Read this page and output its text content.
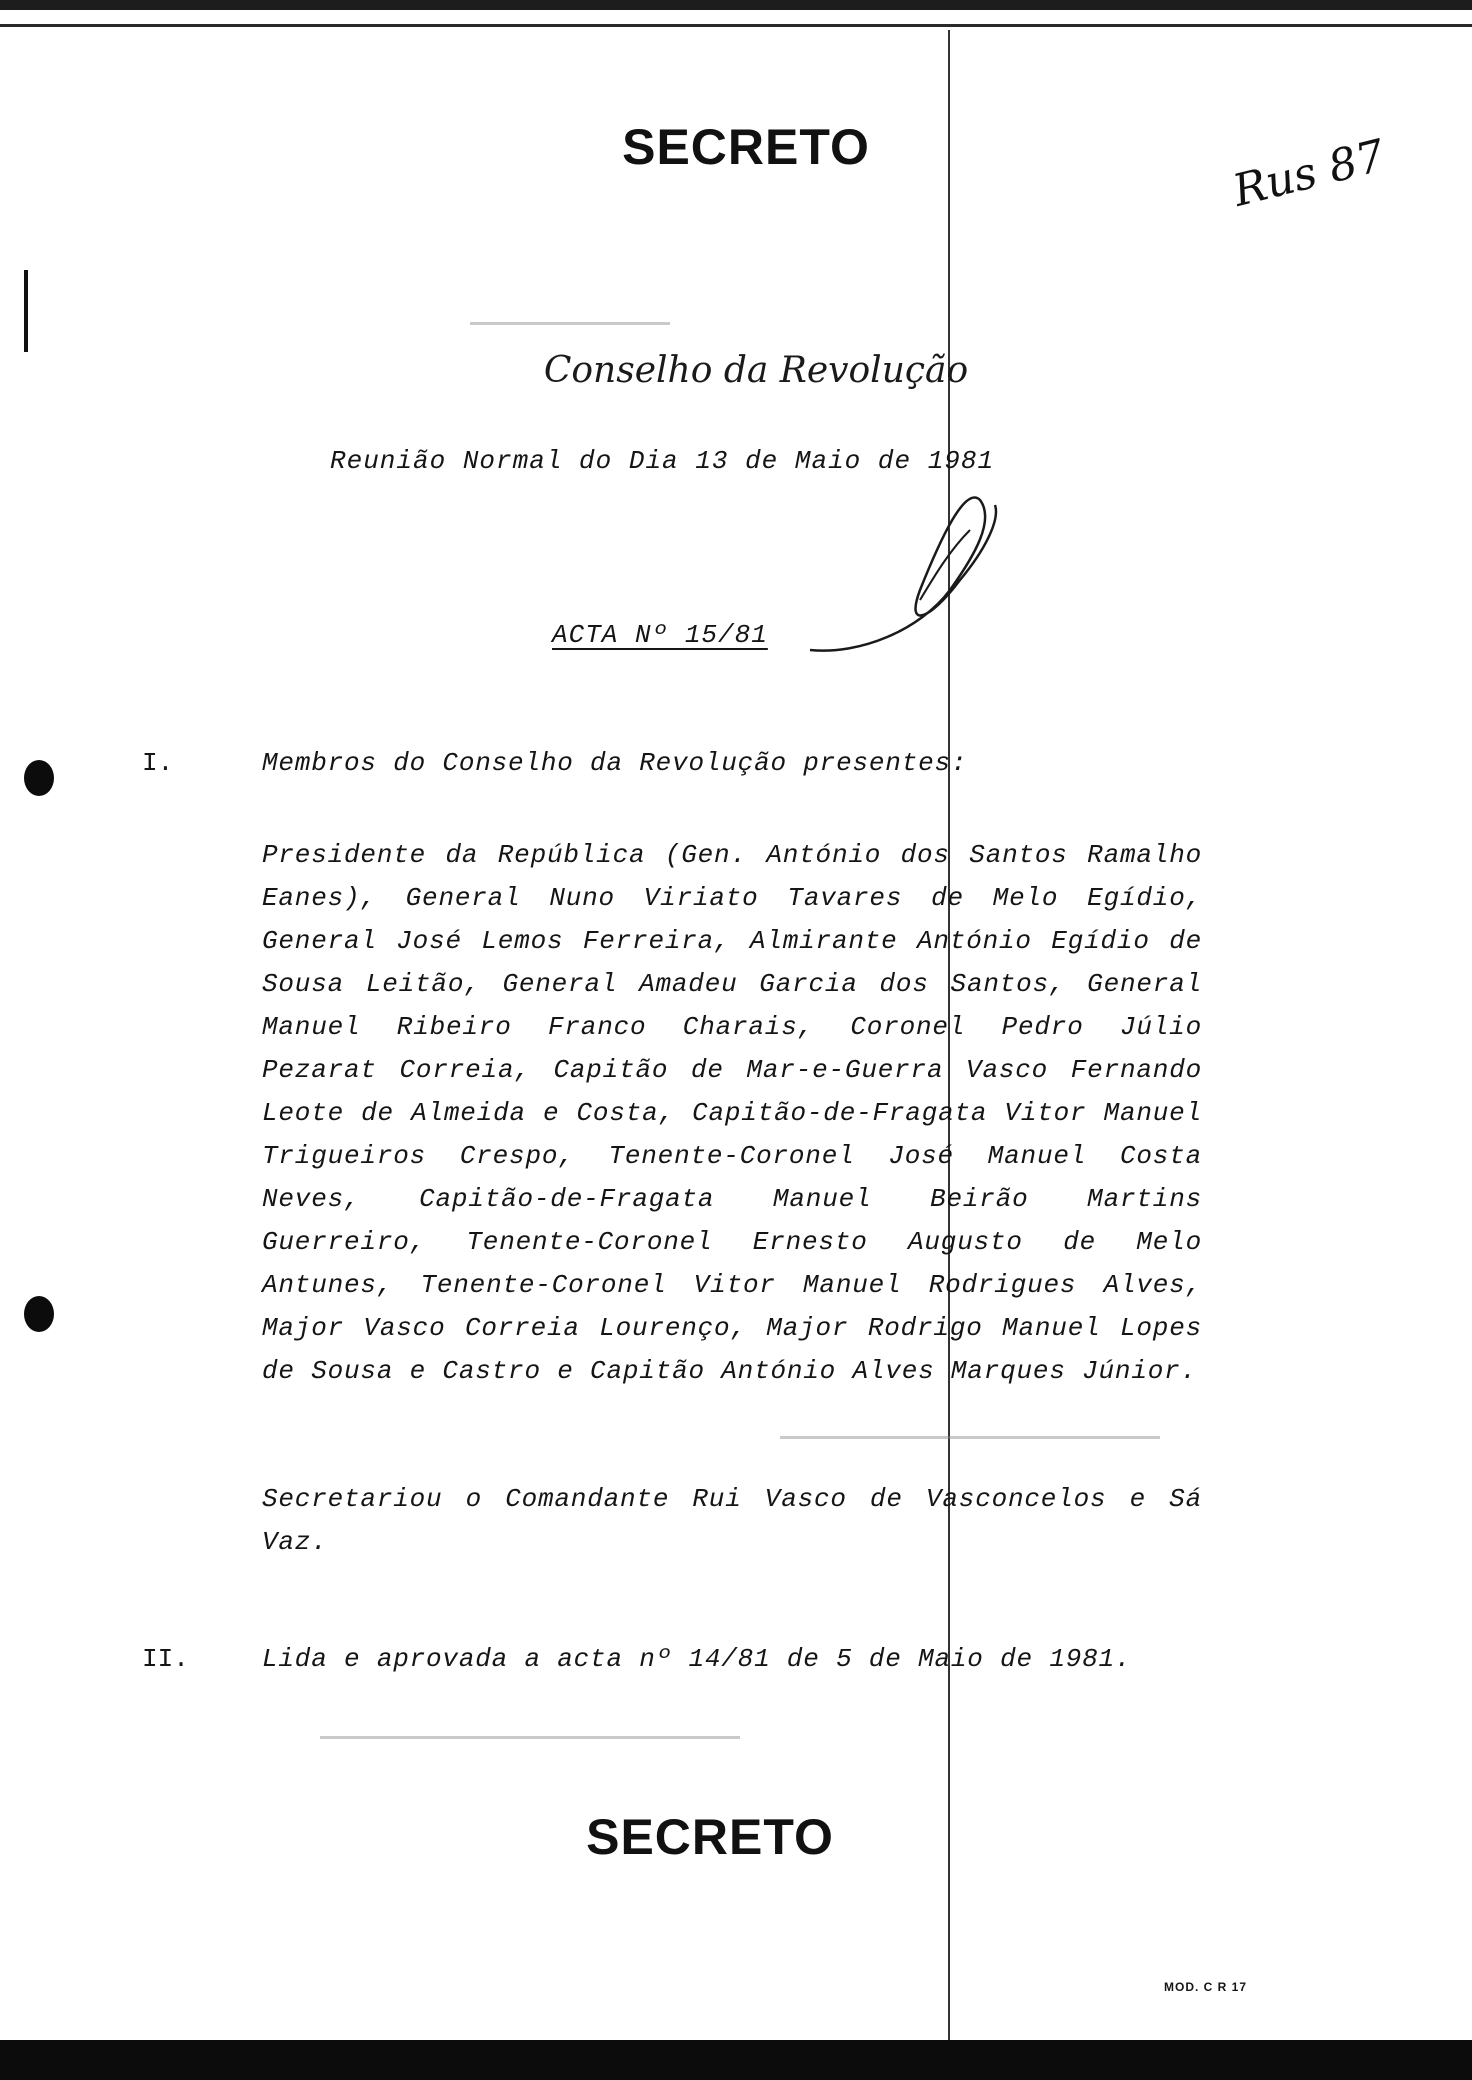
SECRETO	Rus 87
Conselho da Revolução
Reunião Normal do Dia 13 de Maio de 1981
ACTA Nº 15/81
I.	Membros do Conselho da Revolução presentes:
Presidente da República (Gen. António dos Santos Ramalho Eanes), General Nuno Viriato Tavares de Melo Egídio, General José Lemos Ferreira, Almirante António Egídio de Sousa Leitão, General Amadeu Garcia dos Santos, General Manuel Ribeiro Franco Charais, Coronel Pedro Júlio Pezarat Correia, Capitão de Mar-e-Guerra Vasco Fernando Leote de Almeida e Costa, Capitão-de-Fragata Vitor Manuel Trigueiros Crespo, Tenente-Coronel José Manuel Costa Neves, Capitão-de-Fragata Manuel Beirão Martins Guerreiro, Tenente-Coronel Ernesto Augusto de Melo Antunes, Tenente-Coronel Vitor Manuel Rodrigues Alves, Major Vasco Correia Lourenço, Major Rodrigo Manuel Lopes de Sousa e Castro e Capitão António Alves Marques Júnior.
Secretariou o Comandante Rui Vasco de Vasconcelos e Sá Vaz.
II.	Lida e aprovada a acta nº 14/81 de 5 de Maio de 1981.
SECRETO
MOD. C R 17
